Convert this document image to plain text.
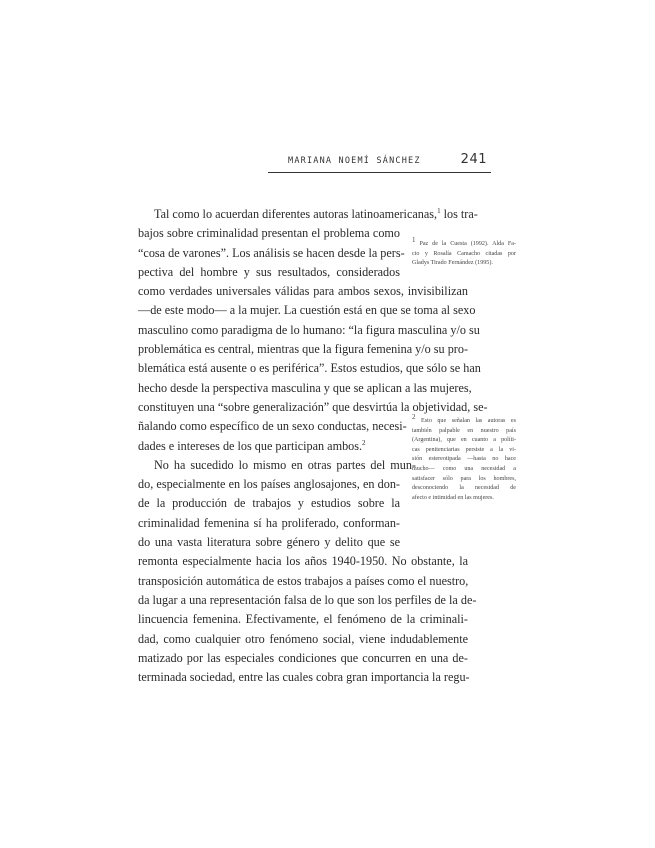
MARIANA NOEMÍ SÁNCHEZ	241

Tal como lo acuerdan diferentes autoras latinoamericanas,$^1$ los tra-
bajos sobre criminalidad presentan el problema como
“cosa de varones”. Los análisis se hacen desde la pers-
pectiva del hombre y sus resultados, considerados
como verdades universales válidas para ambos sexos, invisibilizan
—de este modo— a la mujer. La cuestión está en que se toma al sexo
masculino como paradigma de lo humano: “la figura masculina y/o su
problemática es central, mientras que la figura femenina y/o su pro-
blemática está ausente o es periférica”. Estos estudios, que sólo se han
hecho desde la perspectiva masculina y que se aplican a las mujeres,
constituyen una “sobre generalización” que desvirtúa la objetividad, se-
ñalando como específico de un sexo conductas, necesi-
dades e intereses de los que participan ambos.$^2$

No ha sucedido lo mismo en otras partes del mun-
do, especialmente en los países anglosajones, en don-
de la producción de trabajos y estudios sobre la
criminalidad femenina sí ha proliferado, conforman-
do una vasta literatura sobre género y delito que se
remonta especialmente hacia los años 1940-1950. No obstante, la
transposición automática de estos trabajos a países como el nuestro,
da lugar a una representación falsa de lo que son los perfiles de la de-
lincuencia femenina. Efectivamente, el fenómeno de la criminali-
dad, como cualquier otro fenómeno social, viene indudablemente
matizado por las especiales condiciones que concurren en una de-
terminada sociedad, entre las cuales cobra gran importancia la regu-

$^1$ Paz de la Cuesta (1992). Alda Fa-
cio y Rosalía Camacho citadas por
Gladys Tirado Fernández (1995).
$^2$ Esto que señalan las autoras es
también palpable en nuestro país
(Argentina), que en cuanto a políti-
cas penitenciarias persiste a la vi-
sión estereotipada —hasta no hace
mucho— como una necesidad a
satisfacer sólo para los hombres,
desconociendo la necesidad de
afecto e intimidad en las mujeres.
